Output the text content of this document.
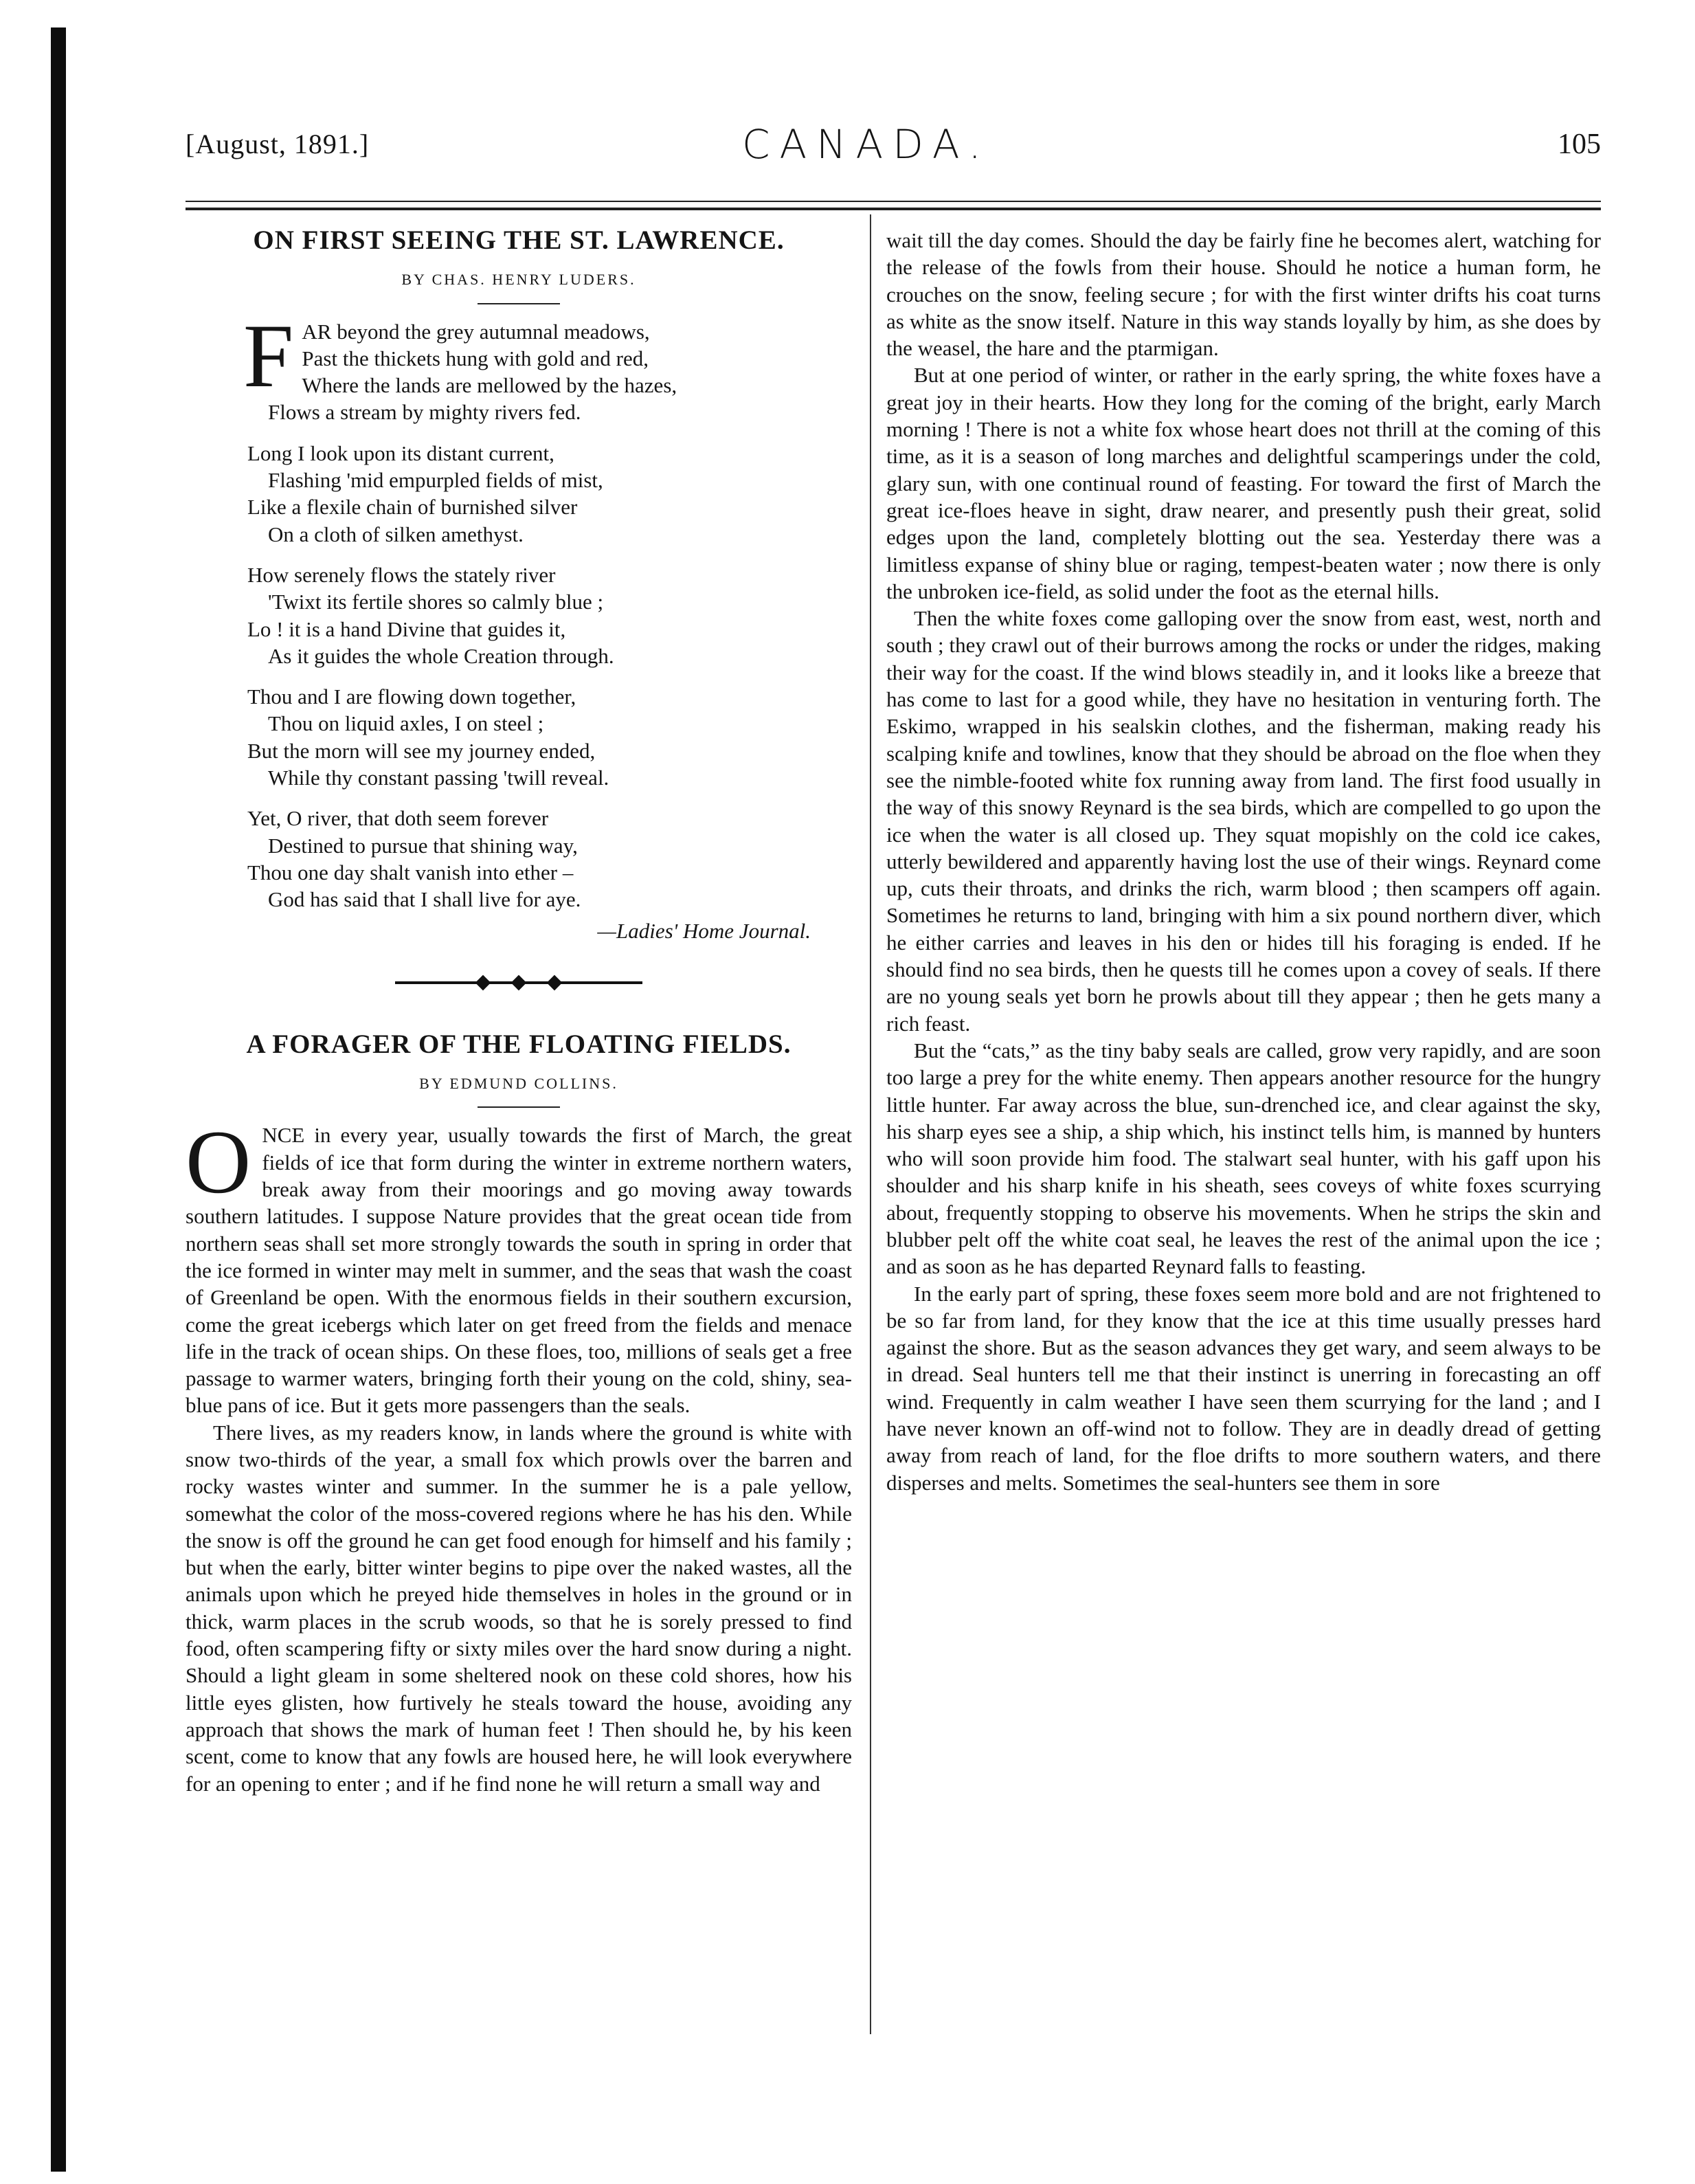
[August, 1891.]	CANADA.	105
ON FIRST SEEING THE ST. LAWRENCE.

BY CHAS. HENRY LUDERS.

F AR beyond the grey autumnal meadows,
Past the thickets hung with gold and red,
Where the lands are mellowed by the hazes,
Flows a stream by mighty rivers fed.
Long I look upon its distant current,
Flashing 'mid empurpled fields of mist,
Like a flexile chain of burnished silver
On a cloth of silken amethyst.
How serenely flows the stately river
'Twixt its fertile shores so calmly blue ;
Lo ! it is a hand Divine that guides it,
As it guides the whole Creation through.
Thou and I are flowing down together,
Thou on liquid axles, I on steel ;
But the morn will see my journey ended,
While thy constant passing 'twill reveal.
Yet, O river, that doth seem forever
Destined to pursue that shining way,
Thou one day shalt vanish into ether –
God has said that I shall live for aye.

—Ladies' Home Journal.

A FORAGER OF THE FLOATING FIELDS.

BY EDMUND COLLINS.

ONCE in every year, usually towards the first of March, the great fields of ice that form during the winter in extreme northern waters, break away from their moorings and go moving away towards southern latitudes. I suppose Nature provides that the great ocean tide from northern seas shall set more strongly towards the south in spring in order that the ice formed in winter may melt in summer, and the seas that wash the coast of Greenland be open. With the enormous fields in their southern excursion, come the great icebergs which later on get freed from the fields and menace life in the track of ocean ships. On these floes, too, millions of seals get a free passage to warmer waters, bringing forth their young on the cold, shiny, sea-blue pans of ice. But it gets more passengers than the seals.

There lives, as my readers know, in lands where the ground is white with snow two-thirds of the year, a small fox which prowls over the barren and rocky wastes winter and summer. In the summer he is a pale yellow, somewhat the color of the moss-covered regions where he has his den. While the snow is off the ground he can get food enough for himself and his family ; but when the early, bitter winter begins to pipe over the naked wastes, all the animals upon which he preyed hide themselves in holes in the ground or in thick, warm places in the scrub woods, so that he is sorely pressed to find food, often scampering fifty or sixty miles over the hard snow during a night. Should a light gleam in some sheltered nook on these cold shores, how his little eyes glisten, how furtively he steals toward the house, avoiding any approach that shows the mark of human feet ! Then should he, by his keen scent, come to know that any fowls are housed here, he will look everywhere for an opening to enter ; and if he find none he will return a small way and

wait till the day comes. Should the day be fairly fine he becomes alert, watching for the release of the fowls from their house. Should he notice a human form, he crouches on the snow, feeling secure ; for with the first winter drifts his coat turns as white as the snow itself. Nature in this way stands loyally by him, as she does by the weasel, the hare and the ptarmigan.

But at one period of winter, or rather in the early spring, the white foxes have a great joy in their hearts. How they long for the coming of the bright, early March morning ! There is not a white fox whose heart does not thrill at the coming of this time, as it is a season of long marches and delightful scamperings under the cold, glary sun, with one continual round of feasting. For toward the first of March the great ice-floes heave in sight, draw nearer, and presently push their great, solid edges upon the land, completely blotting out the sea. Yesterday there was a limitless expanse of shiny blue or raging, tempest-beaten water ; now there is only the unbroken ice-field, as solid under the foot as the eternal hills.

Then the white foxes come galloping over the snow from east, west, north and south ; they crawl out of their burrows among the rocks or under the ridges, making their way for the coast. If the wind blows steadily in, and it looks like a breeze that has come to last for a good while, they have no hesitation in venturing forth. The Eskimo, wrapped in his sealskin clothes, and the fisherman, making ready his scalping knife and towlines, know that they should be abroad on the floe when they see the nimble-footed white fox running away from land. The first food usually in the way of this snowy Reynard is the sea birds, which are compelled to go upon the ice when the water is all closed up. They squat mopishly on the cold ice cakes, utterly bewildered and apparently having lost the use of their wings. Reynard come up, cuts their throats, and drinks the rich, warm blood ; then scampers off again. Sometimes he returns to land, bringing with him a six pound northern diver, which he either carries and leaves in his den or hides till his foraging is ended. If he should find no sea birds, then he quests till he comes upon a covey of seals. If there are no young seals yet born he prowls about till they appear ; then he gets many a rich feast.

But the “cats,” as the tiny baby seals are called, grow very rapidly, and are soon too large a prey for the white enemy. Then appears another resource for the hungry little hunter. Far away across the blue, sun-drenched ice, and clear against the sky, his sharp eyes see a ship, a ship which, his instinct tells him, is manned by hunters who will soon provide him food. The stalwart seal hunter, with his gaff upon his shoulder and his sharp knife in his sheath, sees coveys of white foxes scurrying about, frequently stopping to observe his movements. When he strips the skin and blubber pelt off the white coat seal, he leaves the rest of the animal upon the ice ; and as soon as he has departed Reynard falls to feasting.

In the early part of spring, these foxes seem more bold and are not frightened to be so far from land, for they know that the ice at this time usually presses hard against the shore. But as the season advances they get wary, and seem always to be in dread. Seal hunters tell me that their instinct is unerring in forecasting an off wind. Frequently in calm weather I have seen them scurrying for the land ; and I have never known an off-wind not to follow. They are in deadly dread of getting away from reach of land, for the floe drifts to more southern waters, and there disperses and melts. Sometimes the seal-hunters see them in sore
